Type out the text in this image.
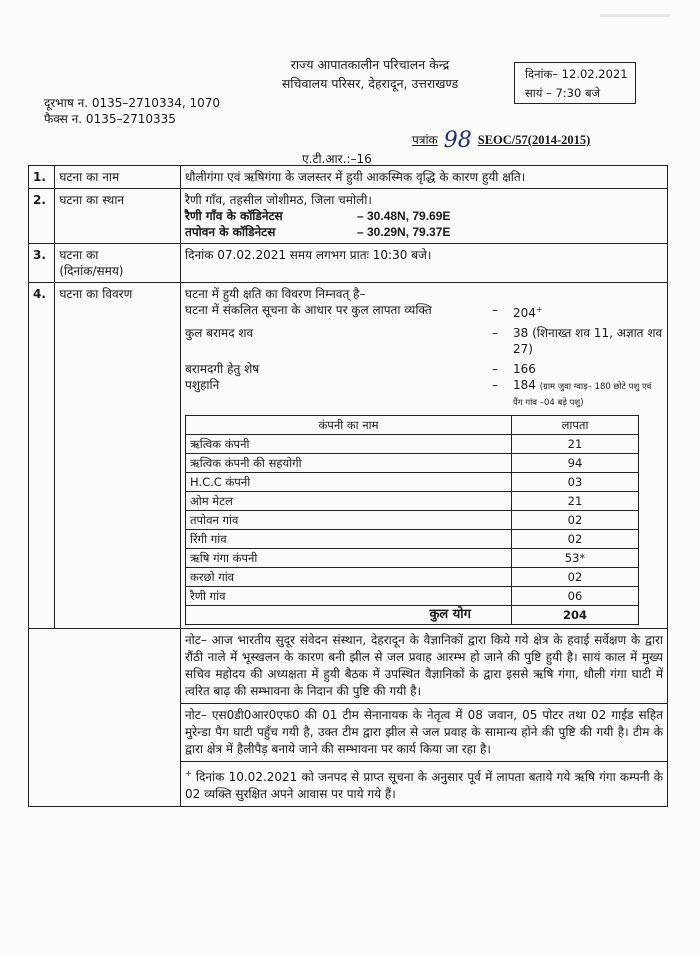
राज्य आपातकालीन परिचालन केन्द्र
सचिवालय परिसर, देहरादून, उत्तराखण्ड
दिनांक– 12.02.2021
सायं – 7:30 बजे
दूरभाष न. 0135–2710334, 1070
फैक्स न. 0135–2710335
पत्रांक 98 SEOC/57(2014-2015)
ए.टी.आर.:–16
1.	घटना का नाम	धौलीगंगा एवं ऋषिगंगा के जलस्तर में हुयी आकस्मिक वृद्धि के कारण हुयी क्षति।
2.	घटना का स्थान	रैणी गाँव, तहसील जोशीमठ, जिला चमोली।
रैणी गाँव के कॉडिनेटस	– 30.48N, 79.69E
तपोवन के कॉडिनेटस	– 30.29N, 79.37E

3.	घटना का
(दिनांक/समय)
	दिनांक 07.02.2021 समय लगभग प्रातः 10:30 बजे।
4.	घटना का विवरण	घटना में हुयी क्षति का विवरण निम्नवत् है–
घटना में संकलित सूचना के आधार पर कुल लापता व्यक्ति	–	204+
कुल बरामद शव	–	38 (शिनाख्त शव 11, अज्ञात शव 27)
बरामदगी हेतु शेष	–	166
पशुहानि	–	184 (ग्राम जुवा ग्वाड़– 180 छोटे पशु एवं पैंग गांव –04 बड़े पशु)
कंपनी का नाम	लापता
ऋत्विक कंपनी	21
ऋत्विक कंपनी की सहयोगी	94
H.C.C कंपनी	03
ओम मेटल	21
तपोवन गांव	02
रिंगी गांव	02
ऋषि गंगा कंपनी	53*
करछो गांव	02
रैणी गांव	06
कुल योग	204

नोट– आज भारतीय सुदूर संवेदन संस्थान, देहरादून के वैज्ञानिकों द्वारा किये गये क्षेत्र के हवाई सर्वेक्षण के द्वारा रौंठी नाले में भूस्खलन के कारण बनी झील से जल प्रवाह आरम्भ हो जाने की पुष्टि हुयी है। सायं काल में मुख्य सचिव महोदय की अध्यक्षता में हुयी बैठक में उपस्थित वैज्ञानिकों के द्वारा इससे ऋषि गंगा, धौली गंगा घाटी में त्वरित बाढ़ की सम्भावना के निदान की पुष्टि की गयी है।

नोट– एस0डी0आर0एफ0 की 01 टीम सेनानायक के नेतृत्व में 08 जवान, 05 पोटर तथा 02 गाईड सहित मुरेन्डा पैग घाटी पहुँच गयी है, उक्त टीम द्वारा झील से जल प्रवाह के सामान्य होने की पुष्टि की गयी है। टीम के द्वारा क्षेत्र में हैलीपैड़ बनाये जाने की सम्भावना पर कार्य किया जा रहा है।

+ दिनांक 10.02.2021 को जनपद से प्राप्त सूचना के अनुसार पूर्व में लापता बताये गये ऋषि गंगा कम्पनी के 02 व्यक्ति सुरक्षित अपने आवास पर पाये गये हैं।
